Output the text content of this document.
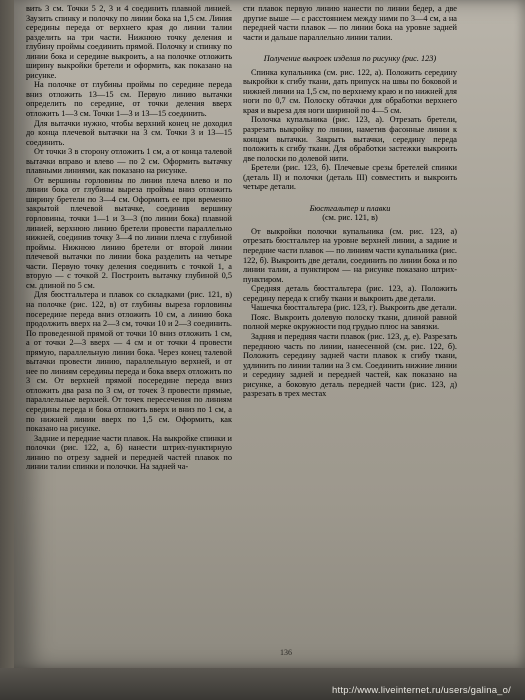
вить 3 см. Точки 5 2, 3 и 4 соединить плавной линией. Заузить спинку и полочку по линии бока на 1,5 см. Линия середины переда от верхнего края до линии талии разделить на три части. Нижнюю точку деления и глубину проймы соединить прямой. Полочку и спинку по линии бока и середине выкроить, а на полочке отложить ширину выкройки бретели и оформить, как показано на рисунке.

На полочке от глубины проймы по середине переда вниз отложить 13—15 см. Первую линию вытачки определить по середине, от точки деления вверх отложить 1—3 см. Точки 1—3 и 13—15 соединить.

Для вытачки нужно, чтобы верхний конец не доходил до конца плечевой вытачки на 3 см. Точки 3 и 13—15 соединить.

От точки 3 в сторону отложить 1 см, а от конца талевой вытачки вправо и влево — по 2 см. Оформить вытачку плавными линиями, как показано на рисунке.

От вершины горловины по линии плеча влево и по линии бока от глубины выреза проймы вниз отложить ширину бретели по 3—4 см. Оформить ее при временно закрытой плечевой вытачке, соединив вершину горловины, точки 1—1 и 3—3 (по линии бока) плавной линией, верхнюю линию бретели провести параллельно нижней, соединив точку 3—4 по линии плеча с глубиной проймы. Нижнюю линию бретели от второй линии плечевой вытачки по линии бока разделить на четыре части. Первую точку деления соединить с точкой 1, а вторую — с точкой 2. Построить вытачку глубиной 0,5 см. длиной по 5 см.

Для бюстгальтера и плавок со складками (рис. 121, в) на полочке (рис. 122, в) от глубины выреза горловины посередине переда вниз отложить 10 см, а линию бока продолжить вверх на 2—3 см, точки 10 и 2—3 соединить. По проведенной прямой от точки 10 вниз отложить 1 см, а от точки 2—3 вверх — 4 см и от точки 4 провести прямую, параллельную линии бока. Через конец талевой вытачки провести линию, параллельную верхней, и от нее по линиям середины переда и бока вверх отложить по 3 см. От верхней прямой посередине переда вниз отложить два раза по 3 см, от точек 3 провести прямые, параллельные верхней. От точек пересечения по линиям середины переда и бока отложить вверх и вниз по 1 см, а по нижней линии вверх по 1,5 см. Оформить, как показано на рисунке.

Задние и передние части плавок. На выкройке спинки и полочки (рис. 122, а, б) нанести штрих-пунктирную линию по отрезу задней и передней частей плавок по линии талии спинки и полочки. На задней ча-

сти плавок первую линию нанести по линии бедер, а две другие выше — с расстоянием между ними по 3—4 см, а на передней части плавок — по линии бока на уровне задней части и дальше параллельно линии талии.

Получение выкроек изделия по рисунку (рис. 123)

Спинка купальника (см. рис. 122, а). Положить середину выкройки к сгибу ткани, дать припуск на швы по боковой и нижней линии на 1,5 см, по верхнему краю и по нижней для ноги по 0,7 см. Полоску обтачки для обработки верхнего края и выреза для ноги шириной по 4—5 см.

Полочка купальника (рис. 123, а). Отрезать бретели, разрезать выкройку по линии, наметив фасонные линии к концам вытачки. Закрыть вытачки, середину переда положить к сгибу ткани. Для обработки застежки выкроить две полоски по долевой нити.

Бретели (рис. 123, б). Плечевые срезы бретелей спинки (деталь II) и полочки (деталь III) совместить и выкроить четыре детали.

Бюстгальтер и плавки

(см. рис. 121, в)

От выкройки полочки купальника (см. рис. 123, а) отрезать бюстгальтер на уровне верхней линии, а задние и передние части плавок — по линиям части купальника (рис. 122, б). Выкроить две детали, соединить по линии бока и по линии талии, а пунктиром — на рисунке показано штрих-пунктиром.

Средняя деталь бюстгальтера (рис. 123, а). Положить середину переда к сгибу ткани и выкроить две детали.

Чашечка бюстгальтера (рис. 123, г). Выкроить две детали.

Пояс. Выкроить долевую полоску ткани, длиной равной полной мерке окружности под грудью плюс на завязки.

Задняя и передняя части плавок (рис. 123, д, е). Разрезать переднюю часть по линии, нанесенной (см. рис. 122, б). Положить середину задней части плавок к сгибу ткани, удлинить по линии талии на 3 см. Соединить нижние линии и середину задней и передней частей, как показано на рисунке, а боковую деталь передней части (рис. 123, д) разрезать в трех местах

136
http://www.liveinternet.ru/users/galina_o/
